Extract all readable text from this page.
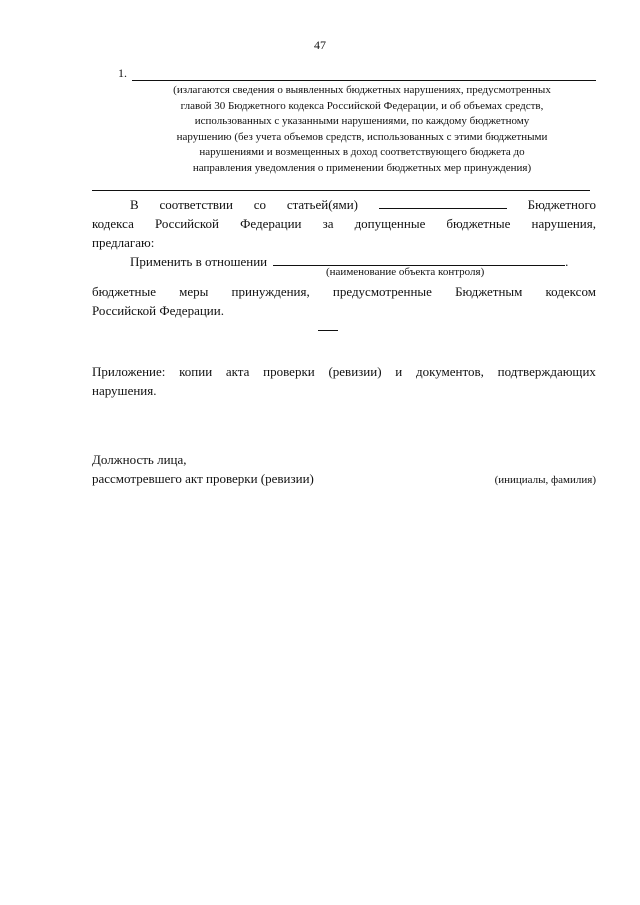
47
1.
(излагаются сведения о выявленных бюджетных нарушениях, предусмотренных
главой 30 Бюджетного кодекса Российской Федерации, и об объемах средств,
использованных с указанными нарушениями, по каждому бюджетному
нарушению (без учета объемов средств, использованных с этими бюджетными
нарушениями и возмещенных в доход соответствующего бюджета до
направления уведомления о применении бюджетных мер принуждения)
В соответствии со статьей(ями)	Бюджетного
кодекса Российской Федерации за допущенные бюджетные нарушения,
предлагаю:
Применить в отношении	.
(наименование объекта контроля)
бюджетные меры принуждения, предусмотренные Бюджетным кодексом
Российской Федерации.
Приложение: копии акта проверки (ревизии) и документов, подтверждающих
нарушения.
Должность лица,
рассмотревшего акт проверки (ревизии)	(инициалы, фамилия)
